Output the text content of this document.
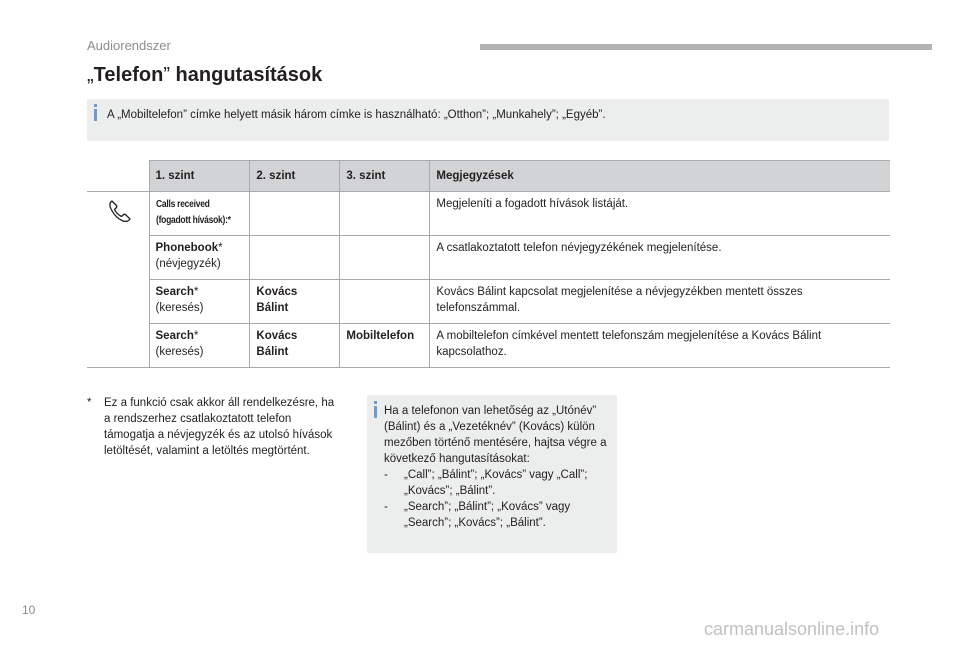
Audiorendszer
„Telefon” hangutasítások
A „Mobiltelefon” címke helyett másik három címke is használható: „Otthon”; „Munkahely”; „Egyéb”.
	1. szint	2. szint	3. szint	Megjegyzések
	Calls received
(fogadott hívások):*			Megjeleníti a fogadott hívások listáját.
	Phonebook*
(névjegyzék)			A csatlakoztatott telefon névjegyzékének megjelenítése.
	Search*
(keresés)	Kovács
Bálint		Kovács Bálint kapcsolat megjelenítése a névjegyzékben mentett összes telefonszámmal.
	Search*
(keresés)	Kovács
Bálint	Mobiltelefon	A mobiltelefon címkével mentett telefonszám megjelenítése a Kovács Bálint kapcsolathoz.
* Ez a funkció csak akkor áll rendelkezésre, ha a rendszerhez csatlakoztatott telefon támogatja a névjegyzék és az utolsó hívások letöltését, valamint a letöltés megtörtént.
Ha a telefonon van lehetőség az „Utónév” (Bálint) és a „Vezetéknév” (Kovács) külön mezőben történő mentésére, hajtsa végre a következő hangutasításokat:
- „Call”; „Bálint”; „Kovács” vagy „Call”; „Kovács”; „Bálint”.
- „Search”; „Bálint”; „Kovács” vagy „Search”; „Kovács”; „Bálint”.
10
carmanualsonline.info
